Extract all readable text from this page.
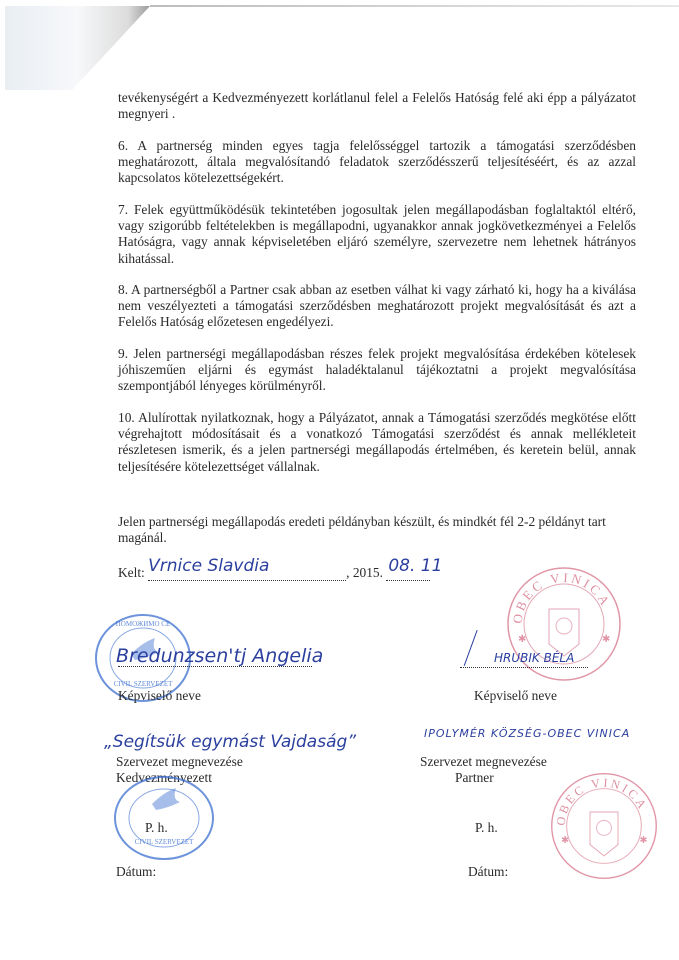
tevékenységért a Kedvezményezett korlátlanul felel a Felelős Hatóság felé aki épp a pályázatot megnyeri .
6. A partnerség minden egyes tagja felelősséggel tartozik a támogatási szerződésben meghatározott, általa megvalósítandó feladatok szerződésszerű teljesítéséért, és az azzal kapcsolatos kötelezettségekért.
7. Felek együttműködésük tekintetében jogosultak jelen megállapodásban foglaltaktól eltérő, vagy szigorúbb feltételekben is megállapodni, ugyanakkor annak jogkövetkezményei a Felelős Hatóságra, vagy annak képviseletében eljáró személyre, szervezetre nem lehetnek hátrányos kihatással.
8. A partnerségből a Partner csak abban az esetben válhat ki vagy zárható ki, hogy ha a kiválása nem veszélyezteti a támogatási szerződésben meghatározott projekt megvalósítását és azt a Felelős Hatóság előzetesen engedélyezi.
9. Jelen partnerségi megállapodásban részes felek projekt megvalósítása érdekében kötelesek jóhiszeműen eljárni és egymást haladéktalanul tájékoztatni a projekt megvalósítása szempontjából lényeges körülményről.
10. Alulírottak nyilatkoznak, hogy a Pályázatot, annak a Támogatási szerződés megkötése előtt végrehajtott módosításait és a vonatkozó Támogatási szerződést és annak mellékleteit részletesen ismerik, és a jelen partnerségi megállapodás értelmében, és keretein belül, annak teljesítésére kötelezettséget vállalnak.
Jelen partnerségi megállapodás eredeti példányban készült, és mindkét fél 2-2 példányt tart magánál.
Kelt: Vrnice Slavdia	, 2015. 08. 11
OBEC VINICA
✱	✱
ПОМОЖИМО СЕ
CIVIL SZERVEZET
Bredunzsen'tj Angelia
Képviselő neve
HRUBIK BÉLA
Képviselő neve
„Segítsük egymást Vajdaság”
Szervezet megnevezése
Kedvezményezett
IPOLYMÉR KÖZSÉG-OBEC VINICA
Szervezet megnevezése
Partner
CIVIL SZERVEZET
P. h.	P. h.
OBEC VINICA
✱	✱
Dátum:	Dátum:
